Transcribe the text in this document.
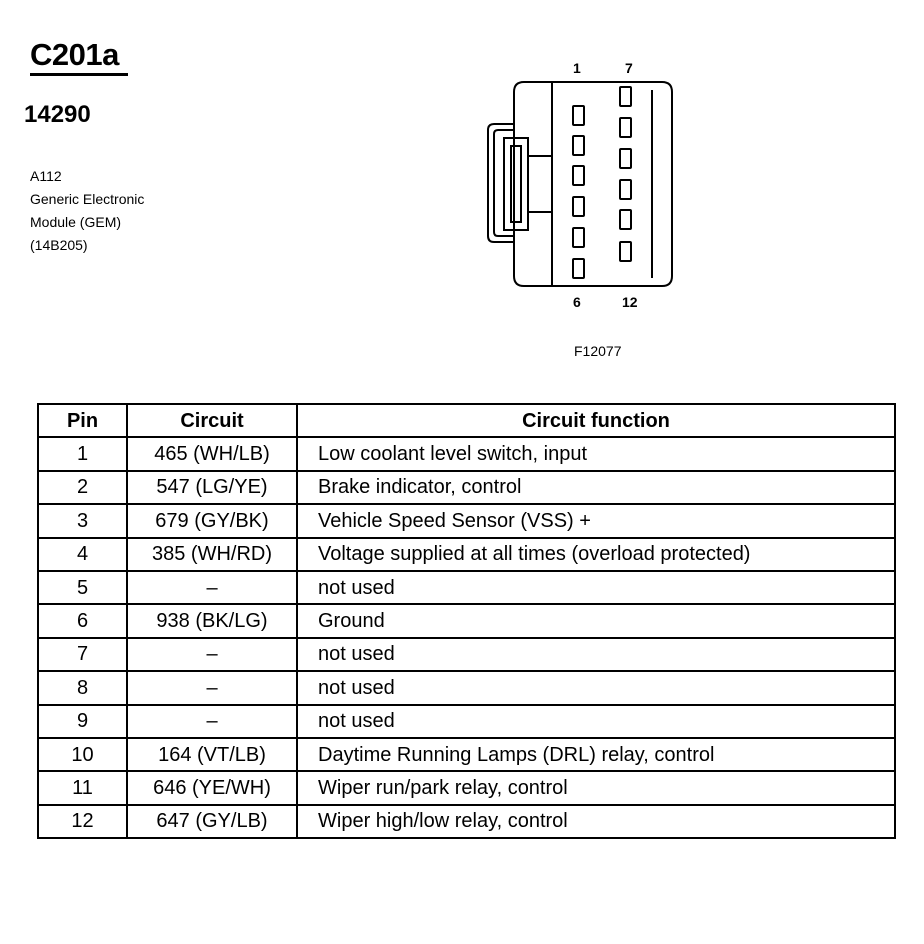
C201a
14290
A112
Generic Electronic
Module (GEM)
(14B205)
1	7
6	12
F12077
Pin	Circuit	Circuit function
1	465 (WH/LB)	Low coolant level switch, input
2	547 (LG/YE)	Brake indicator, control
3	679 (GY/BK)	Vehicle Speed Sensor (VSS) +
4	385 (WH/RD)	Voltage supplied at all times (overload protected)
5	–	not used
6	938 (BK/LG)	Ground
7	–	not used
8	–	not used
9	–	not used
10	164 (VT/LB)	Daytime Running Lamps (DRL) relay, control
11	646 (YE/WH)	Wiper run/park relay, control
12	647 (GY/LB)	Wiper high/low relay, control
